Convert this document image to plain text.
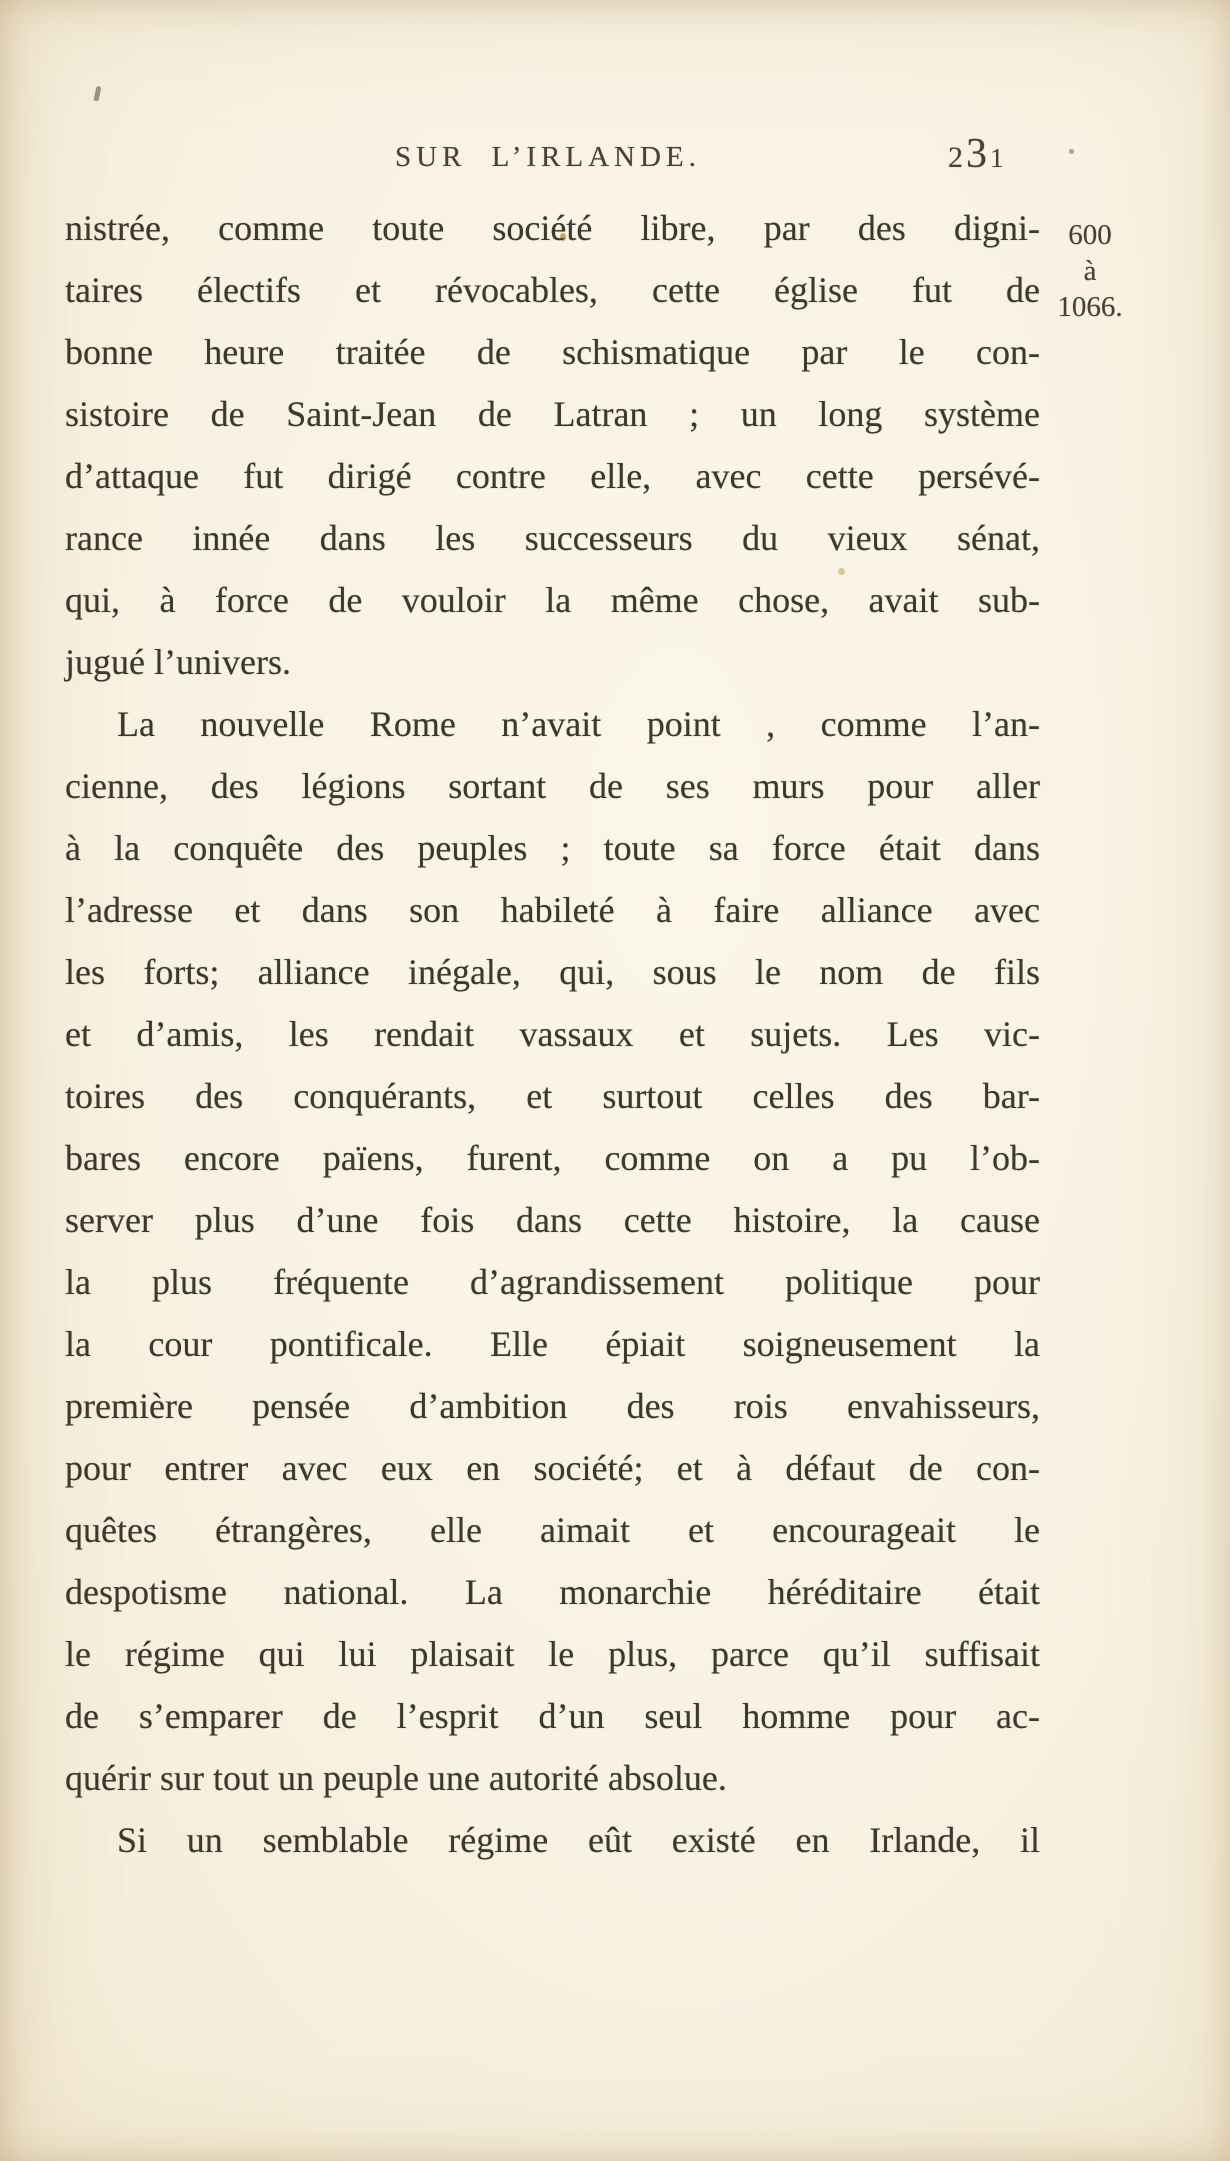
SUR L’IRLANDE.	2 3 1
600
à
1066.
nistrée, comme toute société libre, par des digni-
taires électifs et révocables, cette église fut de
bonne heure traitée de schismatique par le con-
sistoire de Saint-Jean de Latran ; un long système
d’attaque fut dirigé contre elle, avec cette persévé-
rance innée dans les successeurs du vieux sénat,
qui, à force de vouloir la même chose, avait sub-
jugué l’univers.
La nouvelle Rome n’avait point , comme l’an-
cienne, des légions sortant de ses murs pour aller
à la conquête des peuples ; toute sa force était dans
l’adresse et dans son habileté à faire alliance avec
les forts; alliance inégale, qui, sous le nom de fils
et d’amis, les rendait vassaux et sujets. Les vic-
toires des conquérants, et surtout celles des bar-
bares encore païens, furent, comme on a pu l’ob-
server plus d’une fois dans cette histoire, la cause
la plus fréquente d’agrandissement politique pour
la cour pontificale. Elle épiait soigneusement la
première pensée d’ambition des rois envahisseurs,
pour entrer avec eux en société; et à défaut de con-
quêtes étrangères, elle aimait et encourageait le
despotisme national. La monarchie héréditaire était
le régime qui lui plaisait le plus, parce qu’il suffisait
de s’emparer de l’esprit d’un seul homme pour ac-
quérir sur tout un peuple une autorité absolue.
Si un semblable régime eût existé en Irlande, il
